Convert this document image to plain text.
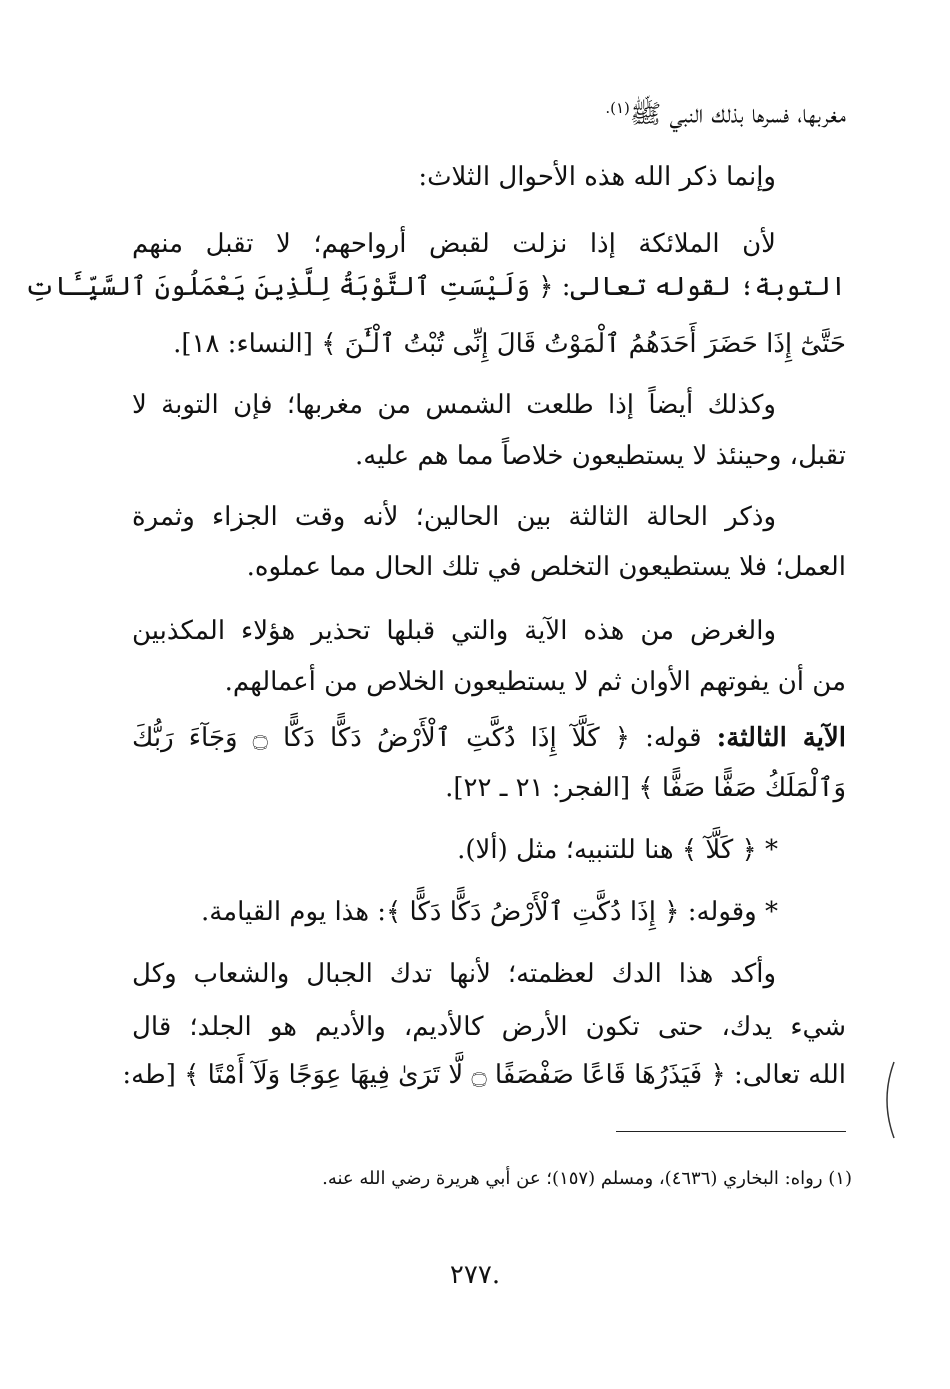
مغربها، فسرها بذلك النبي ﷺ$^{(١).}$
وإنما ذكر الله هذه الأحوال الثلاث:
لأن الملائكة إذا نزلت لقبض أرواحهم؛ لا تقبل منهم
التوبة؛ لقوله تعالى: ﴿ وَلَيْسَتِ ٱلتَّوْبَةُ لِلَّذِينَ يَعْمَلُونَ ٱلسَّيِّـَٔاتِ
حَتَّىٰٓ إِذَا حَضَرَ أَحَدَهُمُ ٱلْمَوْتُ قَالَ إِنِّى تُبْتُ ٱلْـَٰٔنَ ﴾ [النساء: ١٨].
وكذلك أيضاً إذا طلعت الشمس من مغربها؛ فإن التوبة لا
تقبل، وحينئذ لا يستطيعون خلاصاً مما هم عليه.
وذكر الحالة الثالثة بين الحالين؛ لأنه وقت الجزاء وثمرة
العمل؛ فلا يستطيعون التخلص في تلك الحال مما عملوه.
والغرض من هذه الآية والتي قبلها تحذير هؤلاء المكذبين
من أن يفوتهم الأوان ثم لا يستطيعون الخلاص من أعمالهم.
الآية الثالثة: قوله: ﴿ كَلَّآ إِذَا دُكَّتِ ٱلْأَرْضُ دَكًّا دَكًّا ۝ وَجَآءَ رَبُّكَ
وَٱلْمَلَكُ صَفًّا صَفًّا ﴾ [الفجر: ٢١ ـ ٢٢].
* ﴿ كَلَّآ ﴾ هنا للتنبيه؛ مثل (ألا).
* وقوله: ﴿ إِذَا دُكَّتِ ٱلْأَرْضُ دَكًّا دَكًّا ﴾: هذا يوم القيامة.
وأكد هذا الدك لعظمته؛ لأنها تدك الجبال والشعاب وكل
شيء يدك، حتى تكون الأرض كالأديم، والأديم هو الجلد؛ قال
الله تعالى: ﴿ فَيَذَرُهَا قَاعًا صَفْصَفًا ۝ لَّا تَرَىٰ فِيهَا عِوَجًا وَلَآ أَمْتًا ﴾ [طه:
(١) رواه: البخاري (٤٦٣٦)، ومسلم (١٥٧)؛ عن أبي هريرة رضي الله عنه.
.٢٧٧
